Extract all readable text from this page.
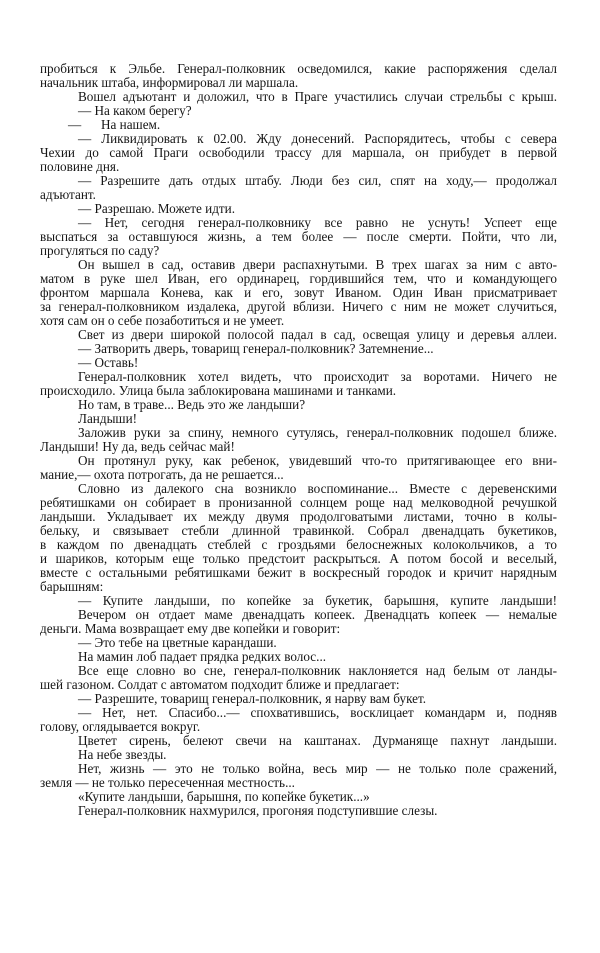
пробиться к Эльбе. Генерал-полковник осведомился, какие распоряжения сделал
начальник штаба, информировал ли маршала.
Вошел адъютант и доложил, что в Праге участились случаи стрельбы с крыш.
— На каком берегу?
—      На нашем.
— Ликвидировать к 02.00. Жду донесений. Распорядитесь, чтобы с севера
Чехии до самой Праги освободили трассу для маршала, он прибудет в первой
половине дня.
— Разрешите дать отдых штабу. Люди без сил, спят на ходу,— продолжал
адъютант.
— Разрешаю. Можете идти.
— Нет, сегодня генерал-полковнику все равно не уснуть! Успеет еще
выспаться за оставшуюся жизнь, а тем более — после смерти. Пойти, что ли,
прогуляться по саду?
Он вышел в сад, оставив двери распахнутыми. В трех шагах за ним с авто-
матом в руке шел Иван, его ординарец, гордившийся тем, что и командующего
фронтом маршала Конева, как и его, зовут Иваном. Один Иван присматривает
за генерал-полковником издалека, другой вблизи. Ничего с ним не может случиться,
хотя сам он о себе позаботиться и не умеет.
Свет из двери широкой полосой падал в сад, освещая улицу и деревья аллеи.
— Затворить дверь, товарищ генерал-полковник? Затемнение...
— Оставь!
Генерал-полковник хотел видеть, что происходит за воротами. Ничего не
происходило. Улица была заблокирована машинами и танками.
Но там, в траве... Ведь это же ландыши?
Ландыши!
Заложив руки за спину, немного сутулясь, генерал-полковник подошел ближе.
Ландыши! Ну да, ведь сейчас май!
Он протянул руку, как ребенок, увидевший что-то притягивающее его вни-
мание,— охота потрогать, да не решается...
Словно из далекого сна возникло воспоминание... Вместе с деревенскими
ребятишками он собирает в пронизанной солнцем роще над мелководной речушкой
ландыши. Укладывает их между двумя продолговатыми листами, точно в колы-
бельку, и связывает стебли длинной травинкой. Собрал двенадцать букетиков,
в каждом по двенадцать стеблей с гроздьями белоснежных колокольчиков, а то
и шариков, которым еще только предстоит раскрыться. А потом босой и веселый,
вместе с остальными ребятишками бежит в воскресный городок и кричит нарядным
барышням:
— Купите ландыши, по копейке за букетик, барышня, купите ландыши!
Вечером он отдает маме двенадцать копеек. Двенадцать копеек — немалые
деньги. Мама возвращает ему две копейки и говорит:
— Это тебе на цветные карандаши.
На мамин лоб падает прядка редких волос...
Все еще словно во сне, генерал-полковник наклоняется над белым от ланды-
шей газоном. Солдат с автоматом подходит ближе и предлагает:
— Разрешите, товарищ генерал-полковник, я нарву вам букет.
— Нет, нет. Спасибо...— спохватившись, восклицает командарм и, подняв
голову, оглядывается вокруг.
Цветет сирень, белеют свечи на каштанах. Дурманяще пахнут ландыши.
На небе звезды.
Нет, жизнь — это не только война, весь мир — не только поле сражений,
земля — не только пересеченная местность...
«Купите ландыши, барышня, по копейке букетик...»
Генерал-полковник нахмурился, прогоняя подступившие слезы.
